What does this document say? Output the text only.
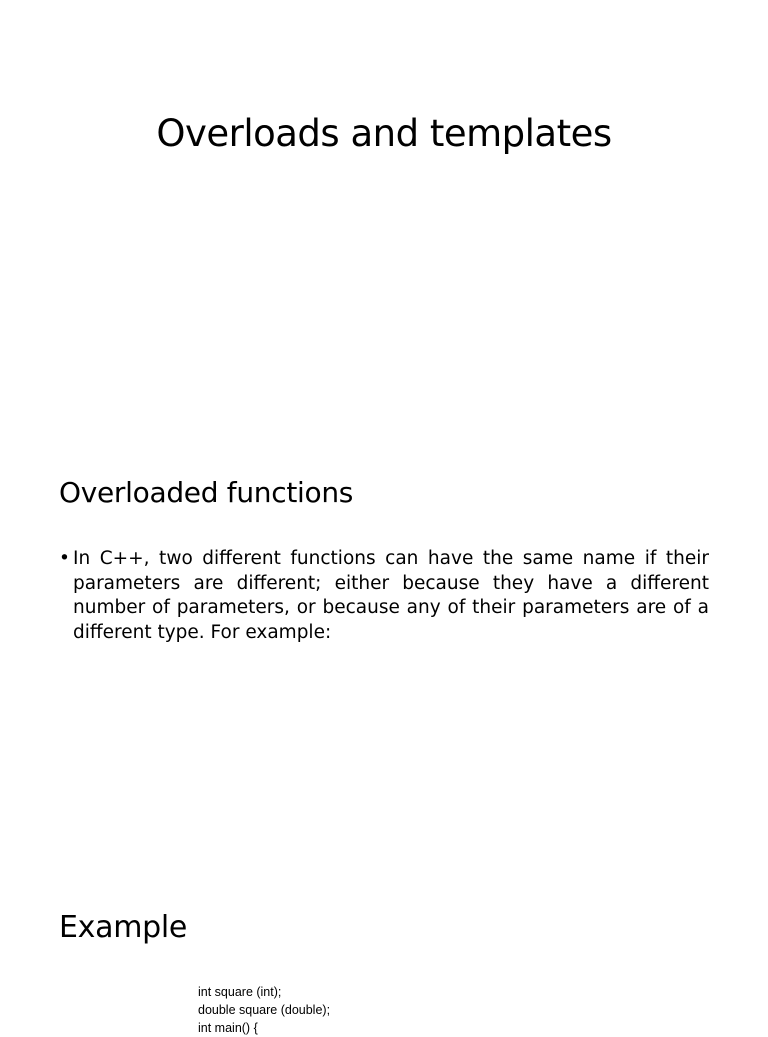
Overloads and templates
Overloaded functions
• In C++, two different functions can have the same name if their parameters are different; either because they have a different number of parameters, or because any of their parameters are of a different type. For example:
Example
int square (int);
double square (double);
int main() {
